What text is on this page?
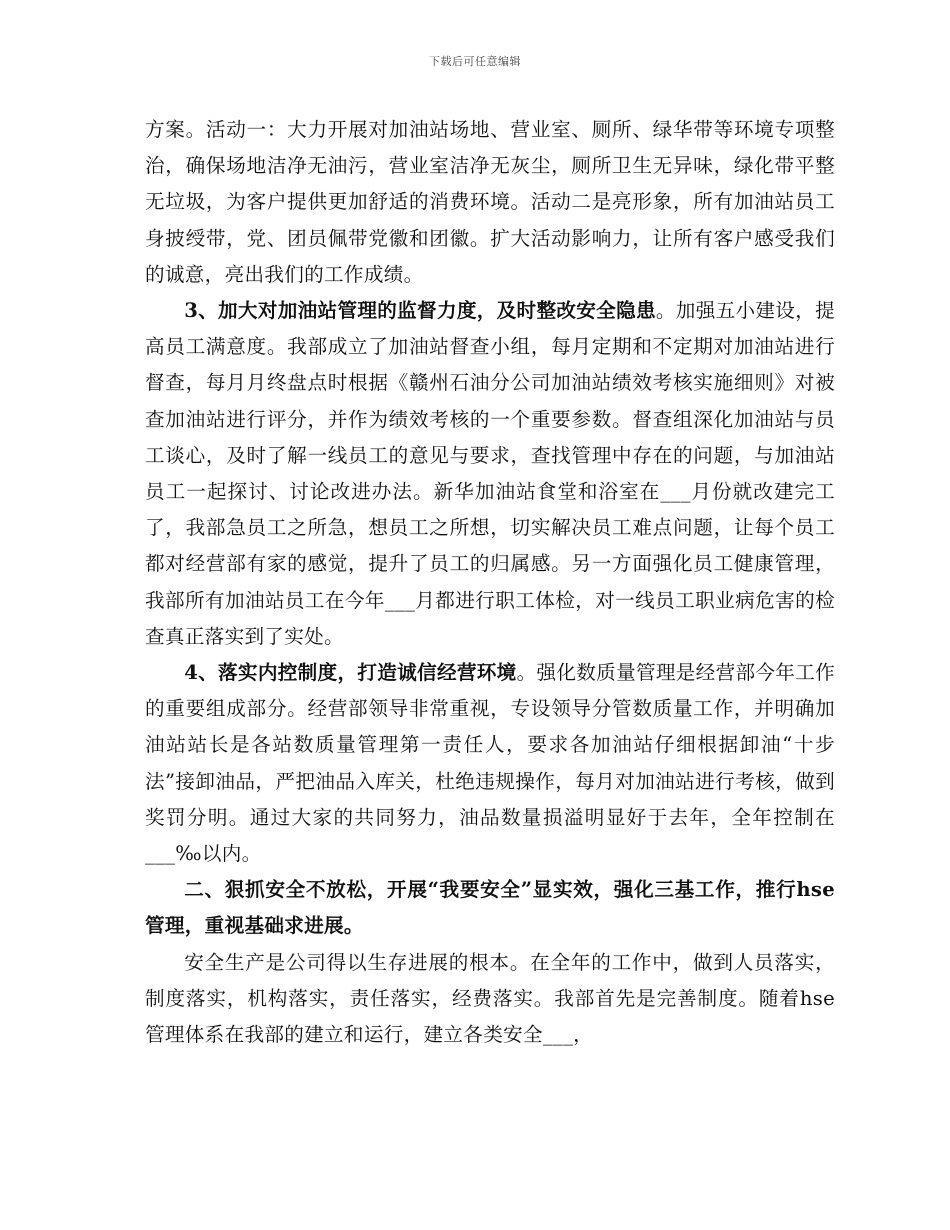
下载后可任意编辑

方案。活动一：大力开展对加油站场地、营业室、厕所、绿华带等环境专项整治，确保场地洁净无油污，营业室洁净无灰尘，厕所卫生无异味，绿化带平整无垃圾，为客户提供更加舒适的消费环境。活动二是亮形象，所有加油站员工身披绶带，党、团员佩带党徽和团徽。扩大活动影响力，让所有客户感受我们的诚意，亮出我们的工作成绩。

3、加大对加油站管理的监督力度，及时整改安全隐患。加强五小建设，提高员工满意度。我部成立了加油站督查小组，每月定期和不定期对加油站进行督查，每月月终盘点时根据《赣州石油分公司加油站绩效考核实施细则》对被查加油站进行评分，并作为绩效考核的一个重要参数。督查组深化加油站与员工谈心，及时了解一线员工的意见与要求，查找管理中存在的问题，与加油站员工一起探讨、讨论改进办法。新华加油站食堂和浴室在___月份就改建完工了，我部急员工之所急，想员工之所想，切实解决员工难点问题，让每个员工都对经营部有家的感觉，提升了员工的归属感。另一方面强化员工健康管理，我部所有加油站员工在今年___月都进行职工体检，对一线员工职业病危害的检查真正落实到了实处。

4、落实内控制度，打造诚信经营环境。强化数质量管理是经营部今年工作的重要组成部分。经营部领导非常重视，专设领导分管数质量工作，并明确加油站站长是各站数质量管理第一责任人，要求各加油站仔细根据卸油“十步法”接卸油品，严把油品入库关，杜绝违规操作，每月对加油站进行考核，做到奖罚分明。通过大家的共同努力，油品数量损溢明显好于去年，全年控制在___‰以内。

二、狠抓安全不放松，开展“我要安全”显实效，强化三基工作，推行hse管理，重视基础求进展。

安全生产是公司得以生存进展的根本。在全年的工作中，做到人员落实，制度落实，机构落实，责任落实，经费落实。我部首先是完善制度。随着hse管理体系在我部的建立和运行，建立各类安全___，
